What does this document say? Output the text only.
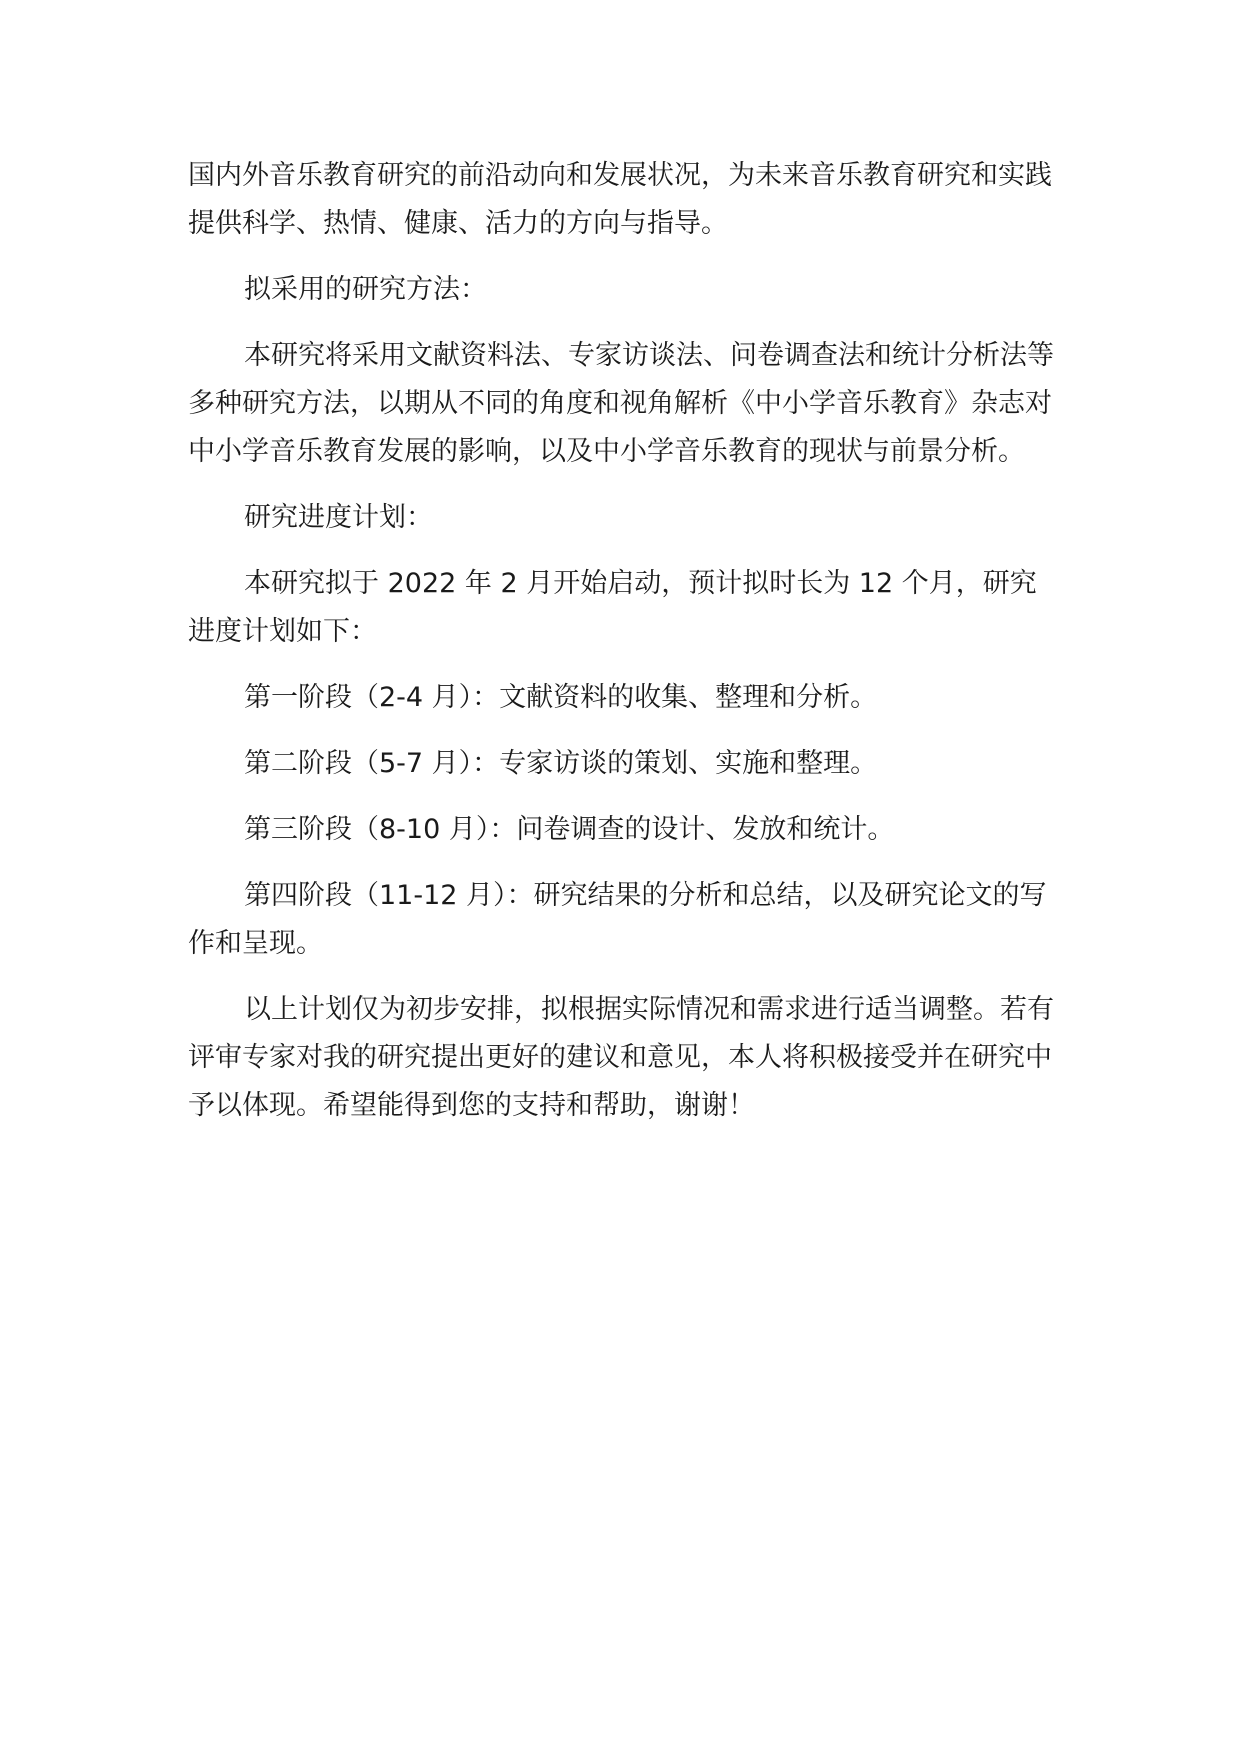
国内外音乐教育研究的前沿动向和发展状况，为未来音乐教育研究和实践提供科学、热情、健康、活力的方向与指导。

拟采用的研究方法：

本研究将采用文献资料法、专家访谈法、问卷调查法和统计分析法等多种研究方法，以期从不同的角度和视角解析《中小学音乐教育》杂志对中小学音乐教育发展的影响，以及中小学音乐教育的现状与前景分析。

研究进度计划：

本研究拟于 2022 年 2 月开始启动，预计拟时长为 12 个月，研究进度计划如下：

第一阶段（2-4 月）：文献资料的收集、整理和分析。

第二阶段（5-7 月）：专家访谈的策划、实施和整理。

第三阶段（8-10 月）：问卷调查的设计、发放和统计。

第四阶段（11-12 月）：研究结果的分析和总结，以及研究论文的写作和呈现。

以上计划仅为初步安排，拟根据实际情况和需求进行适当调整。若有评审专家对我的研究提出更好的建议和意见，本人将积极接受并在研究中予以体现。希望能得到您的支持和帮助，谢谢！
